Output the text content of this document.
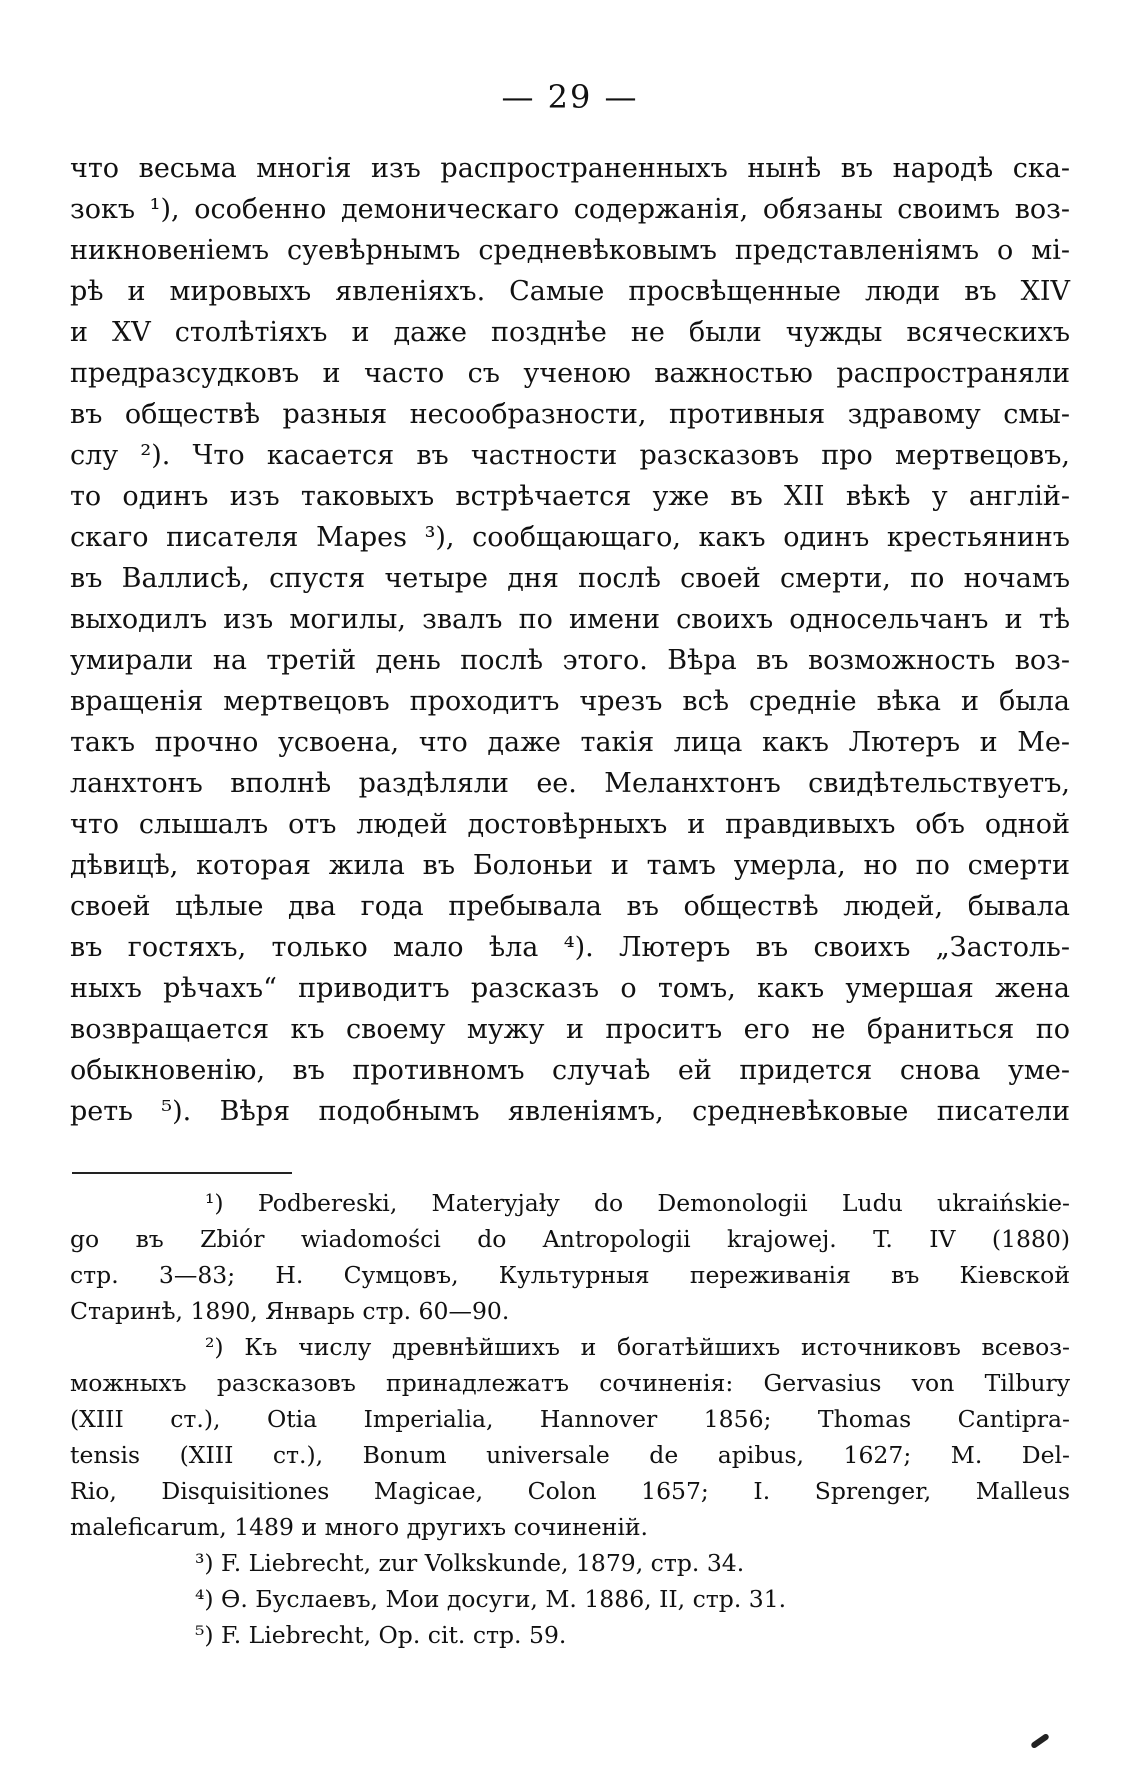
— 29 —
что весьма многія изъ распространенныхъ нынѣ въ народѣ ска-
зокъ ¹), особенно демоническаго содержанія, обязаны своимъ воз-
никновеніемъ суевѣрнымъ средневѣковымъ представленіямъ о мі-
рѣ и мировыхъ явленіяхъ. Самые просвѣщенные люди въ XIV
и XV столѣтіяхъ и даже позднѣе не были чужды всяческихъ
предразсудковъ и часто съ ученою важностью распространяли
въ обществѣ разныя несообразности, противныя здравому смы-
слу ²). Что касается въ частности разсказовъ про мертвецовъ,
то одинъ изъ таковыхъ встрѣчается уже въ XII вѣкѣ у англій-
скаго писателя Mapes ³), сообщающаго, какъ одинъ крестьянинъ
въ Валлисѣ, спустя четыре дня послѣ своей смерти, по ночамъ
выходилъ изъ могилы, звалъ по имени своихъ односельчанъ и тѣ
умирали на третій день послѣ этого. Вѣра въ возможность воз-
вращенія мертвецовъ проходитъ чрезъ всѣ средніе вѣка и была
такъ прочно усвоена, что даже такія лица какъ Лютеръ и Ме-
ланхтонъ вполнѣ раздѣляли ее. Меланхтонъ свидѣтельствуетъ,
что слышалъ отъ людей достовѣрныхъ и правдивыхъ объ одной
дѣвицѣ, которая жила въ Болоньи и тамъ умерла, но по смерти
своей цѣлые два года пребывала въ обществѣ людей, бывала
въ гостяхъ, только мало ѣла ⁴). Лютеръ въ своихъ „Застоль-
ныхъ рѣчахъ“ приводитъ разсказъ о томъ, какъ умершая жена
возвращается къ своему мужу и проситъ его не браниться по
обыкновенію, въ противномъ случаѣ ей придется снова уме-
реть ⁵). Вѣря подобнымъ явленіямъ, средневѣковые писатели
¹) Podbereski, Materyjały do Demonologii Ludu ukraińskie-
go въ Zbiór wiadomości do Antropologii krajowej. T. IV (1880)
стр. 3—83; Н. Сумцовъ, Культурныя переживанія въ Кіевской
Старинѣ, 1890, Январь стр. 60—90.
²) Къ числу древнѣйшихъ и богатѣйшихъ источниковъ всевоз-
можныхъ разсказовъ принадлежатъ сочиненія: Gervasius von Tilbury
(XIII ст.), Otia Imperialia, Hannover 1856; Thomas Cantipra-
tensis (XIII ст.), Bonum universale de apibus, 1627; M. Del-
Rio, Disquisitiones Magicae, Colon 1657; I. Sprenger, Malleus
maleficarum, 1489 и много другихъ сочиненій.
³) F. Liebrecht, zur Volkskunde, 1879, стр. 34.
⁴) Ѳ. Буслаевъ, Мои досуги, М. 1886, II, стр. 31.
⁵) F. Liebrecht, Op. cit. стр. 59.
